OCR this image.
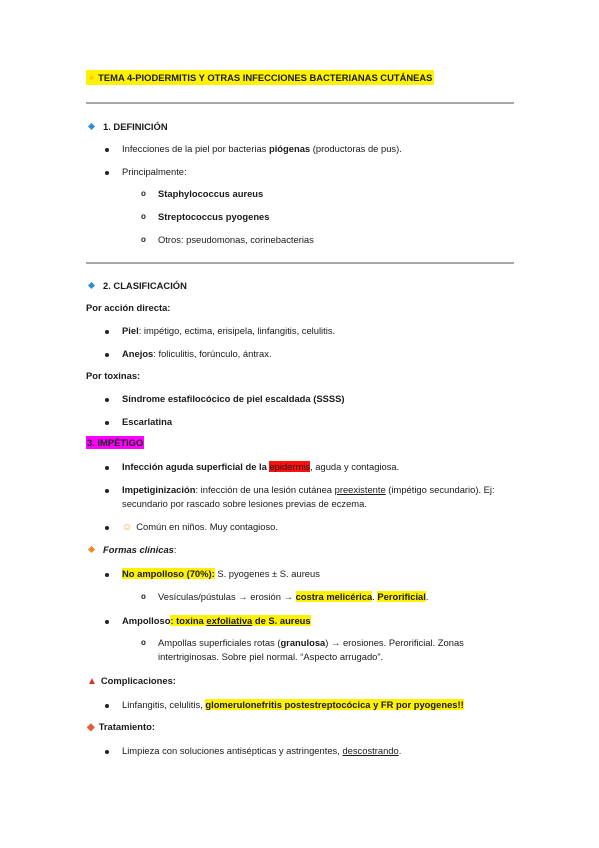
✴ TEMA 4-PIODERMITIS Y OTRAS INFECCIONES BACTERIANAS CUTÁNEAS
1. DEFINICIÓN
Infecciones de la piel por bacterias piógenas (productoras de pus).
Principalmente:
o Staphylococcus aureus
o Streptococcus pyogenes
o Otros: pseudomonas, corinebacterias
2. CLASIFICACIÓN
Por acción directa:
Piel: impétigo, ectima, erisipela, linfangitis, celulitis.
Anejos: foliculitis, forúnculo, ántrax.
Por toxinas:
Síndrome estafilocócico de piel escaldada (SSSS)
Escarlatina
3. IMPÉTIGO
Infección aguda superficial de la epidermis, aguda y contagiosa.
Impetiginización: infección de una lesión cutánea preexistente (impétigo secundario). Ej:
secundario por rascado sobre lesiones previas de eczema.
☺ Común en niños. Muy contagioso.
Formas clínicas:
No ampolloso (70%): S. pyogenes ± S. aureus
o Vesículas/pústulas → erosión → costra melicérica. Perorificial.
Ampolloso: toxina exfoliativa de S. aureus
o Ampollas superficiales rotas (granulosa) → erosiones. Perorificial. Zonas
intertriginosas. Sobre piel normal. “Aspecto arrugado”.
▲ Complicaciones:
Linfangitis, celulitis, glomerulonefritis postestreptocócica y FR por pyogenes!!
◆ Tratamiento:
Limpieza con soluciones antisépticas y astringentes, descostrando.
